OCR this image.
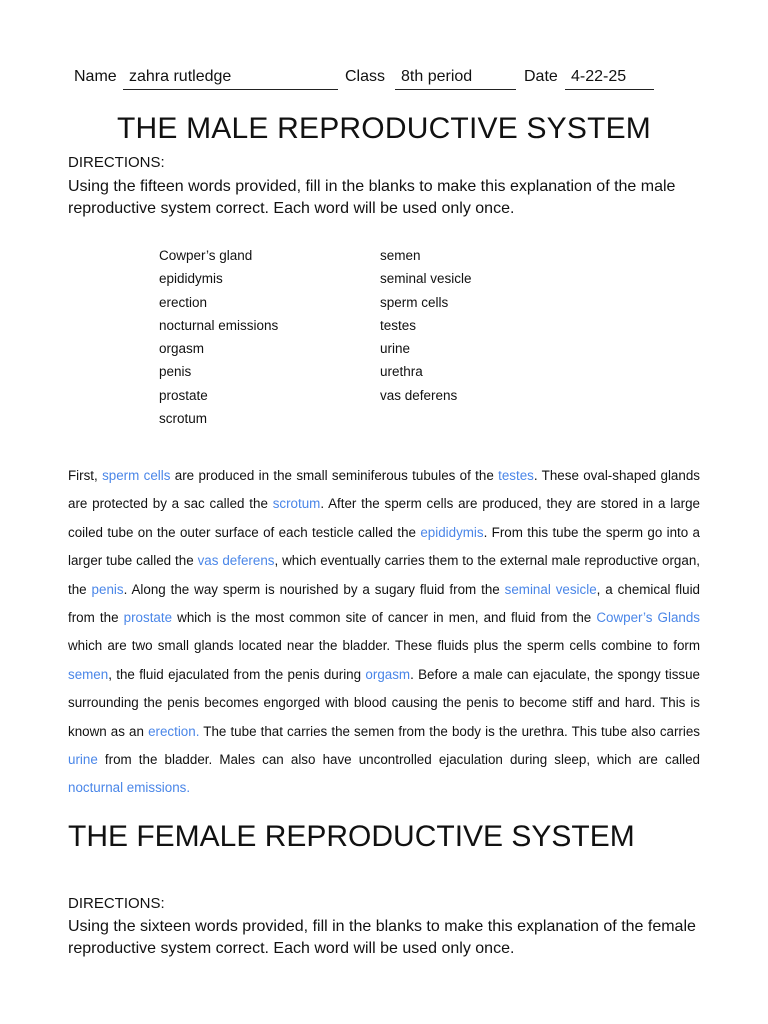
Name zahra rutledge	Class 8th period	Date 4-22-25
THE MALE REPRODUCTIVE SYSTEM
DIRECTIONS:
Using the fifteen words provided, fill in the blanks to make this explanation of the male reproductive system correct. Each word will be used only once.
Cowper’s gland
epididymis
erection
nocturnal emissions
orgasm
penis
prostate
scrotum
semen
seminal vesicle
sperm cells
testes
urine
urethra
vas deferens

First, sperm cells are produced in the small seminiferous tubules of the testes. These oval-shaped glands are protected by a sac called the scrotum. After the sperm cells are produced, they are stored in a large coiled tube on the outer surface of each testicle called the epididymis. From this tube the sperm go into a larger tube called the vas deferens, which eventually carries them to the external male reproductive organ, the penis. Along the way sperm is nourished by a sugary fluid from the seminal vesicle, a chemical fluid from the prostate which is the most common site of cancer in men, and fluid from the Cowper’s Glands which are two small glands located near the bladder. These fluids plus the sperm cells combine to form semen, the fluid ejaculated from the penis during orgasm. Before a male can ejaculate, the spongy tissue surrounding the penis becomes engorged with blood causing the penis to become stiff and hard. This is known as an erection. The tube that carries the semen from the body is the urethra. This tube also carries urine from the bladder. Males can also have uncontrolled ejaculation during sleep, which are called nocturnal emissions.

THE FEMALE REPRODUCTIVE SYSTEM
DIRECTIONS:
Using the sixteen words provided, fill in the blanks to make this explanation of the female reproductive system correct. Each word will be used only once.
